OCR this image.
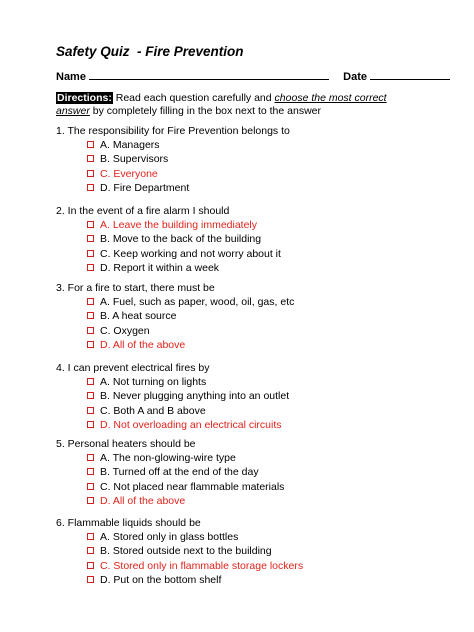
Safety Quiz  - Fire Prevention
Name	Date
Directions: Read each question carefully and choose the most correct answer by completely filling in the box next to the answer
1. The responsibility for Fire Prevention belongs to
A. Managers
B. Supervisors
C. Everyone
D. Fire Department
2. In the event of a fire alarm I should
A. Leave the building immediately
B. Move to the back of the building
C. Keep working and not worry about it
D. Report it within a week
3. For a fire to start, there must be
A. Fuel, such as paper, wood, oil, gas, etc
B. A heat source
C. Oxygen
D. All of the above
4. I can prevent electrical fires by
A. Not turning on lights
B. Never plugging anything into an outlet
C. Both A and B above
D. Not overloading an electrical circuits
5. Personal heaters should be
A. The non-glowing-wire type
B. Turned off at the end of the day
C. Not placed near flammable materials
D. All of the above
6. Flammable liquids should be
A. Stored only in glass bottles
B. Stored outside next to the building
C. Stored only in flammable storage lockers
D. Put on the bottom shelf
